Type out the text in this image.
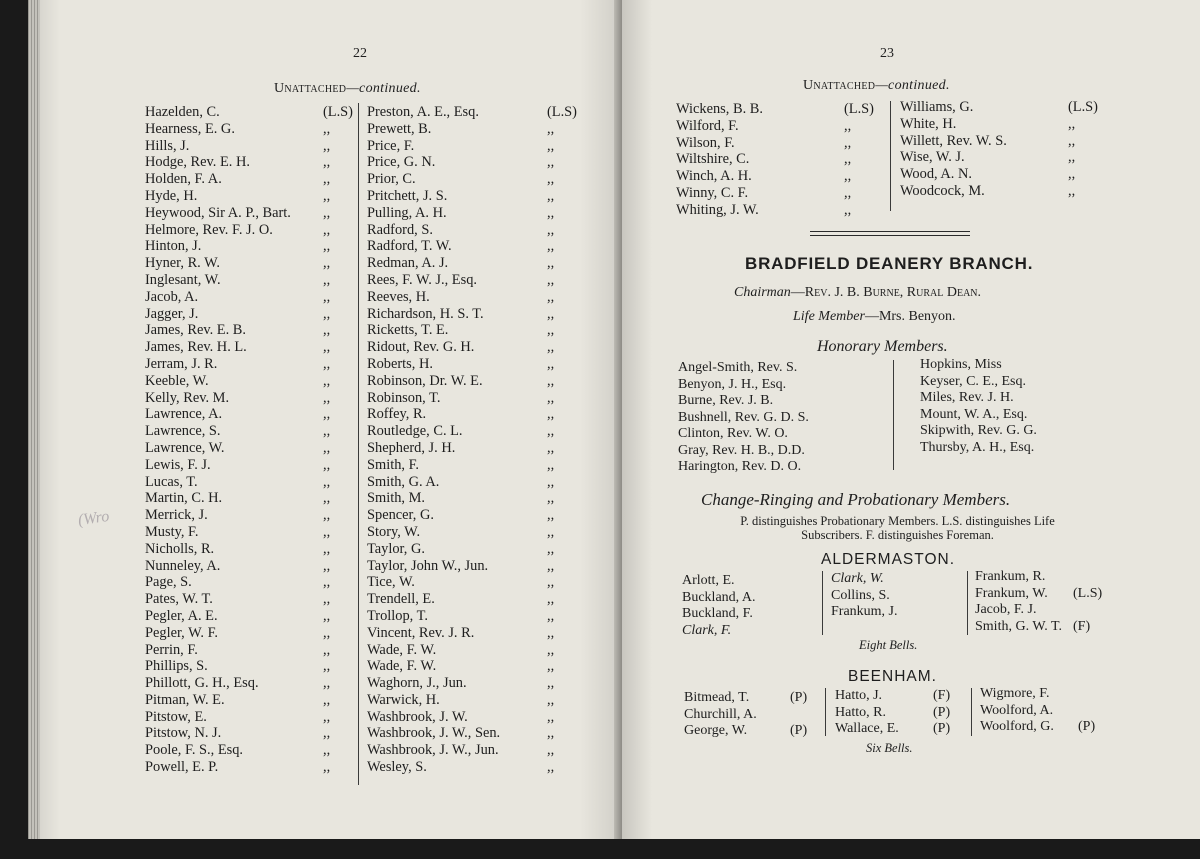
22
Unattached—continued.
Hazelden, C.	(L.S)
Hearness, E. G.	,,
Hills, J.	,,
Hodge, Rev. E. H.	,,
Holden, F. A.	,,
Hyde, H.	,,
Heywood, Sir A. P., Bart. ,,
Helmore, Rev. F. J. O.	,,
Hinton, J.	,,
Hyner, R. W.	,,
Inglesant, W.	,,
Jacob, A.	,,
Jagger, J.	,,
James, Rev. E. B.	,,
James, Rev. H. L.	,,
Jerram, J. R.	,,
Keeble, W.	,,
Kelly, Rev. M.	,,
Lawrence, A.	,,
Lawrence, S.	,,
Lawrence, W.	,,
Lewis, F. J.	,,
Lucas, T.	,,
Martin, C. H.	,,
Merrick, J.	,,
Musty, F.	,,
Nicholls, R.	,,
Nunneley, A.	,,
Page, S.	,,
Pates, W. T.	,,
Pegler, A. E.	,,
Pegler, W. F.	,,
Perrin, F.	,,
Phillips, S.	,,
Phillott, G. H., Esq.	,,
Pitman, W. E.	,,
Pitstow, E.	,,
Pitstow, N. J.	,,
Poole, F. S., Esq.	,,
Powell, E. P.	,,
Preston, A. E., Esq.	(L.S)
Prewett, B.	,,
Price, F.	,,
Price, G. N.	,,
Prior, C.	,,
Pritchett, J. S.	,,
Pulling, A. H.	,,
Radford, S.	,,
Radford, T. W.	,,
Redman, A. J.	,,
Rees, F. W. J., Esq.	,,
Reeves, H.	,,
Richardson, H. S. T.	,,
Ricketts, T. E.	,,
Ridout, Rev. G. H.	,,
Roberts, H.	,,
Robinson, Dr. W. E.	,,
Robinson, T.	,,
Roffey, R.	,,
Routledge, C. L.	,,
Shepherd, J. H.	,,
Smith, F.	,,
Smith, G. A.	,,
Smith, M.	,,
Spencer, G.	,,
Story, W.	,,
Taylor, G.	,,
Taylor, John W., Jun.	,,
Tice, W.	,,
Trendell, E.	,,
Trollop, T.	,,
Vincent, Rev. J. R.	,,
Wade, F. W.	,,
Wade, F. W.	,,
Waghorn, J., Jun.	,,
Warwick, H.	,,
Washbrook, J. W.	,,
Washbrook, J. W., Sen.	,,
Washbrook, J. W., Jun.	,,
Wesley, S.	,,
(Wro
23
Unattached—continued.
Wickens, B. B.	(L.S)
Wilford, F.	,,
Wilson, F.	,,
Wiltshire, C.	,,
Winch, A. H.	,,
Winny, C. F.	,,
Whiting, J. W.	,,
Williams, G.	(L.S)
White, H.	,,
Willett, Rev. W. S.	,,
Wise, W. J.	,,
Wood, A. N.	,,
Woodcock, M.	,,
BRADFIELD DEANERY BRANCH.
Chairman—Rev. J. B. Burne, Rural Dean.
Life Member—Mrs. Benyon.
Honorary Members.
Angel-Smith, Rev. S.
Benyon, J. H., Esq.
Burne, Rev. J. B.
Bushnell, Rev. G. D. S.
Clinton, Rev. W. O.
Gray, Rev. H. B., D.D.
Harington, Rev. D. O.
Hopkins, Miss
Keyser, C. E., Esq.
Miles, Rev. J. H.
Mount, W. A., Esq.
Skipwith, Rev. G. G.
Thursby, A. H., Esq.
Change-Ringing and Probationary Members.
P. distinguishes Probationary Members. L.S. distinguishes Life
Subscribers. F. distinguishes Foreman.
ALDERMASTON.
Arlott, E.
Buckland, A.
Buckland, F.
Clark, F.
Clark, W.
Collins, S.
Frankum, J.
Frankum, R.
Frankum, W. (L.S)
Jacob, F. J.
Smith, G. W. T. (F)
Eight Bells.
BEENHAM.
Bitmead, T.	(P)
Churchill, A.
George, W.	(P)
Hatto, J.	(F)
Hatto, R.	(P)
Wallace, E. (P)
Wigmore, F.
Woolford, A.
Woolford, G. (P)
Six Bells.
